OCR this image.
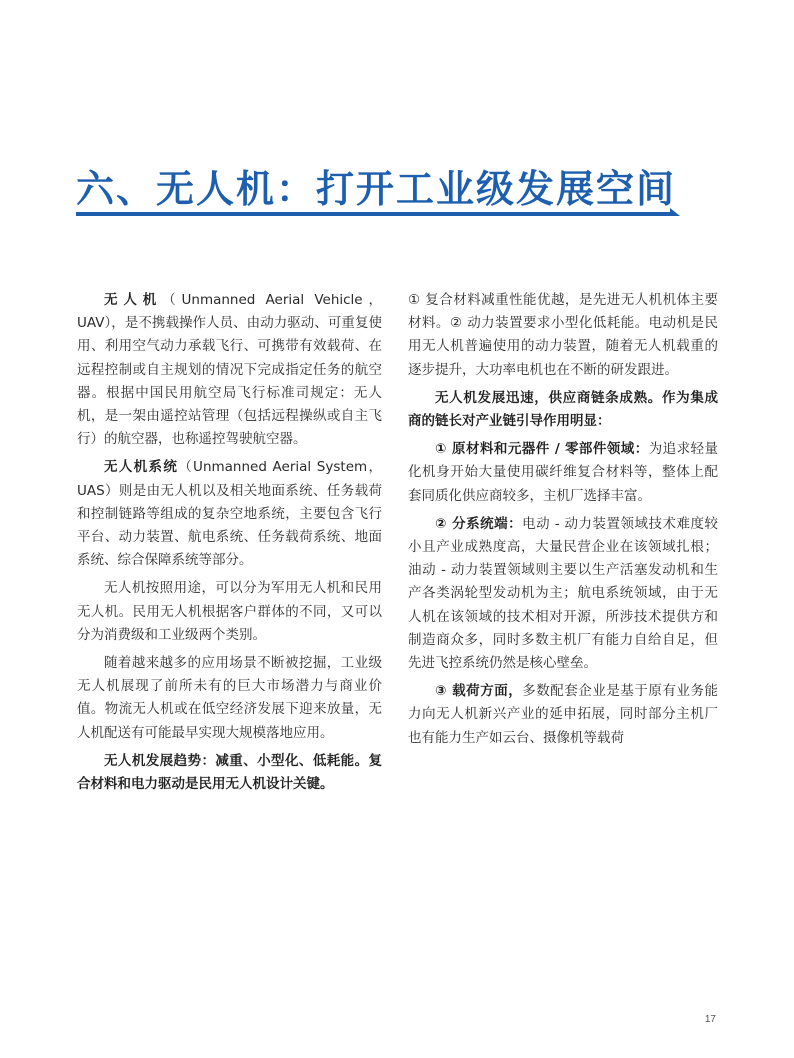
六、无人机：打开工业级发展空间

无人机（Unmanned Aerial Vehicle，UAV），是不携载操作人员、由动力驱动、可重复使用、利用空气动力承载飞行、可携带有效载荷、在远程控制或自主规划的情况下完成指定任务的航空器。根据中国民用航空局飞行标准司规定：无人机，是一架由遥控站管理（包括远程操纵或自主飞行）的航空器，也称遥控驾驶航空器。

无人机系统（Unmanned Aerial System，UAS）则是由无人机以及相关地面系统、任务载荷和控制链路等组成的复杂空地系统，主要包含飞行平台、动力装置、航电系统、任务载荷系统、地面系统、综合保障系统等部分。

无人机按照用途，可以分为军用无人机和民用无人机。民用无人机根据客户群体的不同，又可以分为消费级和工业级两个类别。

随着越来越多的应用场景不断被挖掘，工业级无人机展现了前所未有的巨大市场潜力与商业价值。物流无人机或在低空经济发展下迎来放量，无人机配送有可能最早实现大规模落地应用。

无人机发展趋势：减重、小型化、低耗能。复合材料和电力驱动是民用无人机设计关键。

① 复合材料减重性能优越，是先进无人机机体主要材料。② 动力装置要求小型化低耗能。电动机是民用无人机普遍使用的动力装置，随着无人机载重的逐步提升，大功率电机也在不断的研发跟进。

无人机发展迅速，供应商链条成熟。作为集成商的链长对产业链引导作用明显：

① 原材料和元器件 / 零部件领域：为追求轻量化机身开始大量使用碳纤维复合材料等，整体上配套同质化供应商较多，主机厂选择丰富。

② 分系统端：电动 - 动力装置领域技术难度较小且产业成熟度高，大量民营企业在该领域扎根；油动 - 动力装置领域则主要以生产活塞发动机和生产各类涡轮型发动机为主；航电系统领域，由于无人机在该领域的技术相对开源，所涉技术提供方和制造商众多，同时多数主机厂有能力自给自足，但先进飞控系统仍然是核心壁垒。

③ 载荷方面，多数配套企业是基于原有业务能力向无人机新兴产业的延申拓展，同时部分主机厂也有能力生产如云台、摄像机等载荷

17
